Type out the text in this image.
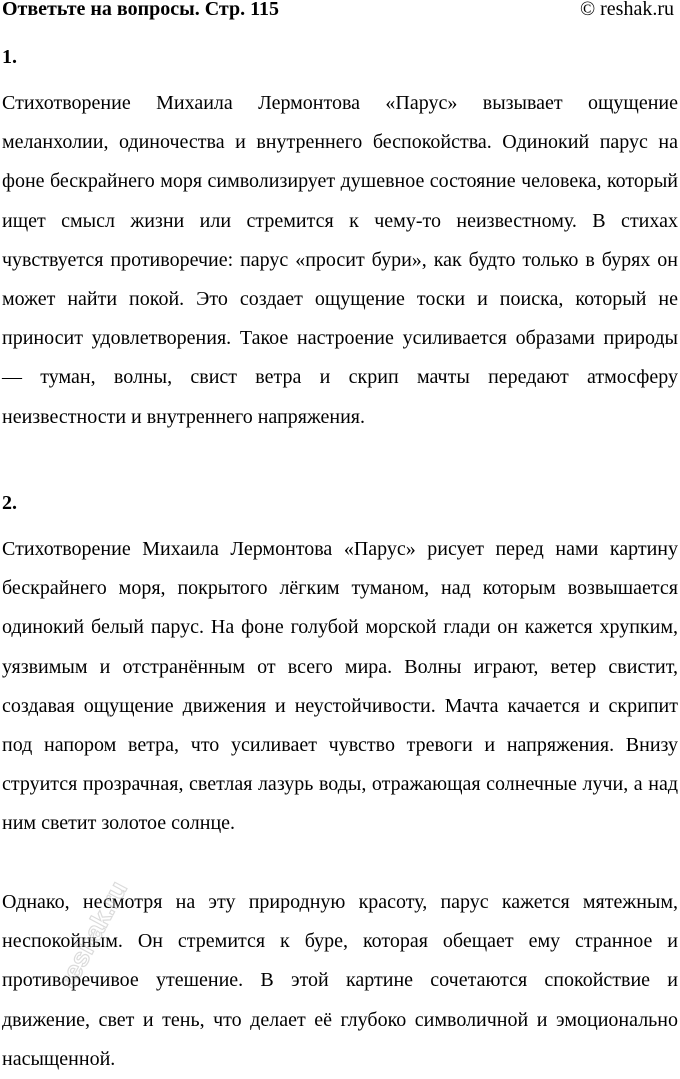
Ответьте на вопросы. Стр. 115	© reshak.ru
1.

Стихотворение Михаила Лермонтова «Парус» вызывает ощущение меланхолии, одиночества и внутреннего беспокойства. Одинокий парус на фоне бескрайнего моря символизирует душевное состояние человека, который ищет смысл жизни или стремится к чему-то неизвестному. В стихах чувствуется противоречие: парус «просит бури», как будто только в бурях он может найти покой. Это создает ощущение тоски и поиска, который не приносит удовлетворения. Такое настроение усиливается образами природы — туман, волны, свист ветра и скрип мачты передают атмосферу неизвестности и внутреннего напряжения.

2.

Стихотворение Михаила Лермонтова «Парус» рисует перед нами картину бескрайнего моря, покрытого лёгким туманом, над которым возвышается одинокий белый парус. На фоне голубой морской глади он кажется хрупким, уязвимым и отстранённым от всего мира. Волны играют, ветер свистит, создавая ощущение движения и неустойчивости. Мачта качается и скрипит под напором ветра, что усиливает чувство тревоги и напряжения. Внизу струится прозрачная, светлая лазурь воды, отражающая солнечные лучи, а над ним светит золотое солнце.

Однако, несмотря на эту природную красоту, парус кажется мятежным, неспокойным. Он стремится к буре, которая обещает ему странное и противоречивое утешение. В этой картине сочетаются спокойствие и движение, свет и тень, что делает её глубоко символичной и эмоционально насыщенной.

reshak.ru
